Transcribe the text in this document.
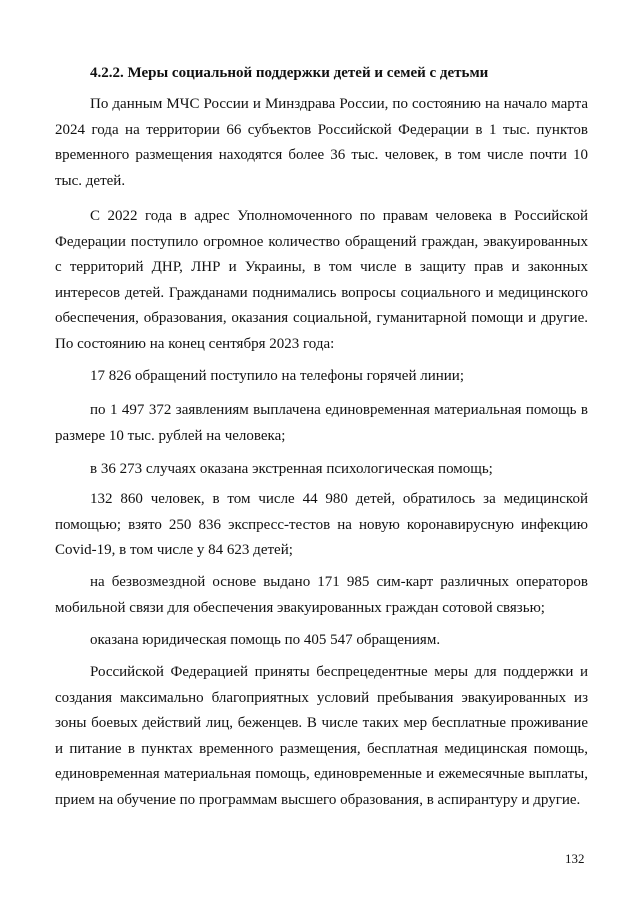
4.2.2. Меры социальной поддержки детей и семей с детьми

По данным МЧС России и Минздрава России, по состоянию на начало марта 2024 года на территории 66 субъектов Российской Федерации в 1 тыс. пунктов временного размещения находятся более 36 тыс. человек, в том числе почти 10 тыс. детей.

С 2022 года в адрес Уполномоченного по правам человека в Российской Федерации поступило огромное количество обращений граждан, эвакуированных с территорий ДНР, ЛНР и Украины, в том числе в защиту прав и законных интересов детей. Гражданами поднимались вопросы социального и медицинского обеспечения, образования, оказания социальной, гуманитарной помощи и другие. По состоянию на конец сентября 2023 года:

17 826 обращений поступило на телефоны горячей линии;

по 1 497 372 заявлениям выплачена единовременная материальная помощь в размере 10 тыс. рублей на человека;

в 36 273 случаях оказана экстренная психологическая помощь;

132 860 человек, в том числе 44 980 детей, обратилось за медицинской помощью; взято 250 836 экспресс-тестов на новую коронавирусную инфекцию Covid-19, в том числе у 84 623 детей;

на безвозмездной основе выдано 171 985 сим-карт различных операторов мобильной связи для обеспечения эвакуированных граждан сотовой связью;

оказана юридическая помощь по 405 547 обращениям.

Российской Федерацией приняты беспрецедентные меры для поддержки и создания максимально благоприятных условий пребывания эвакуированных из зоны боевых действий лиц, беженцев. В числе таких мер бесплатные проживание и питание в пунктах временного размещения, бесплатная медицинская помощь, единовременная материальная помощь, единовременные и ежемесячные выплаты, прием на обучение по программам высшего образования, в аспирантуру и другие.

132
